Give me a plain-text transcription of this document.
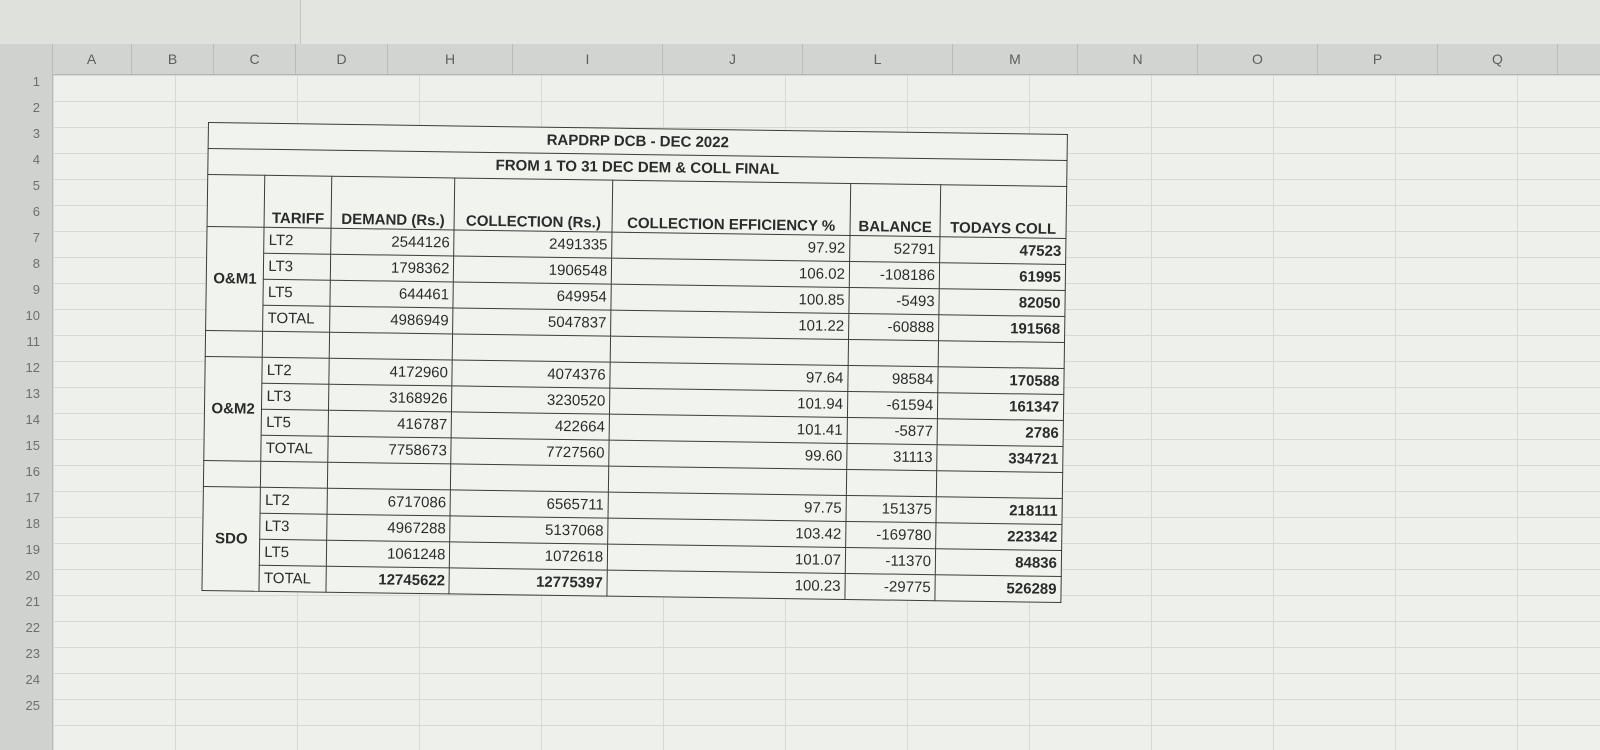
A	B	C	D	H	I	J	L	M	N	O	P	Q
1
2
3
4
5
6
7
8
9
10
11
12
13
14
15
16
17
18
19
20
21
22
23
24
25
RAPDRP DCB - DEC 2022						
FROM 1 TO 31 DEC DEM & COLL FINAL						
	TARIFF	DEMAND (Rs.)	COLLECTION (Rs.)	COLLECTION EFFICIENCY %	BALANCE	TODAYS COLL
O&M1	LT2	2544126	2491335	97.92	52791	47523
	LT3	1798362	1906548	106.02	-108186	61995
	LT5	644461	649954	100.85	-5493	82050
	TOTAL	4986949	5047837	101.22	-60888	191568

O&M2	LT2	4172960	4074376	97.64	98584	170588
	LT3	3168926	3230520	101.94	-61594	161347
	LT5	416787	422664	101.41	-5877	2786
	TOTAL	7758673	7727560	99.60	31113	334721

SDO	LT2	6717086	6565711	97.75	151375	218111
	LT3	4967288	5137068	103.42	-169780	223342
	LT5	1061248	1072618	101.07	-11370	84836
	TOTAL	12745622	12775397	100.23	-29775	526289
